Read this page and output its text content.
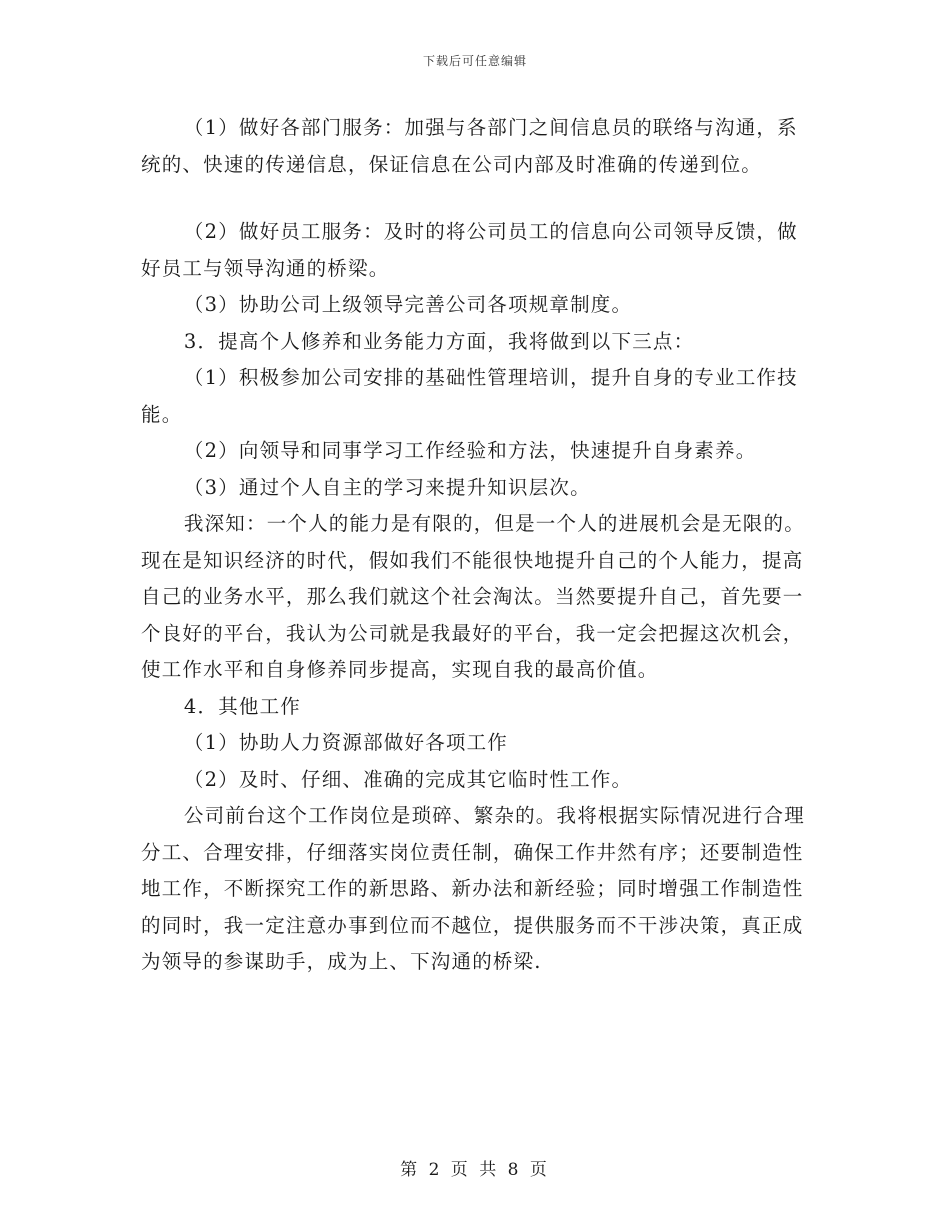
下载后可任意编辑

（1）做好各部门服务：加强与各部门之间信息员的联络与沟通，系统的、快速的传递信息，保证信息在公司内部及时准确的传递到位。

（2）做好员工服务：及时的将公司员工的信息向公司领导反馈，做好员工与领导沟通的桥梁。

（3）协助公司上级领导完善公司各项规章制度。

3．提高个人修养和业务能力方面，我将做到以下三点：

（1）积极参加公司安排的基础性管理培训，提升自身的专业工作技能。

（2）向领导和同事学习工作经验和方法，快速提升自身素养。

（3）通过个人自主的学习来提升知识层次。

我深知：一个人的能力是有限的，但是一个人的进展机会是无限的。现在是知识经济的时代，假如我们不能很快地提升自己的个人能力，提高自己的业务水平，那么我们就这个社会淘汰。当然要提升自己，首先要一个良好的平台，我认为公司就是我最好的平台，我一定会把握这次机会，使工作水平和自身修养同步提高，实现自我的最高价值。

4．其他工作

（1）协助人力资源部做好各项工作

（2）及时、仔细、准确的完成其它临时性工作。

公司前台这个工作岗位是琐碎、繁杂的。我将根据实际情况进行合理分工、合理安排，仔细落实岗位责任制，确保工作井然有序；还要制造性地工作，不断探究工作的新思路、新办法和新经验；同时增强工作制造性的同时，我一定注意办事到位而不越位，提供服务而不干涉决策，真正成为领导的参谋助手，成为上、下沟通的桥梁.

第 2 页 共 8 页
